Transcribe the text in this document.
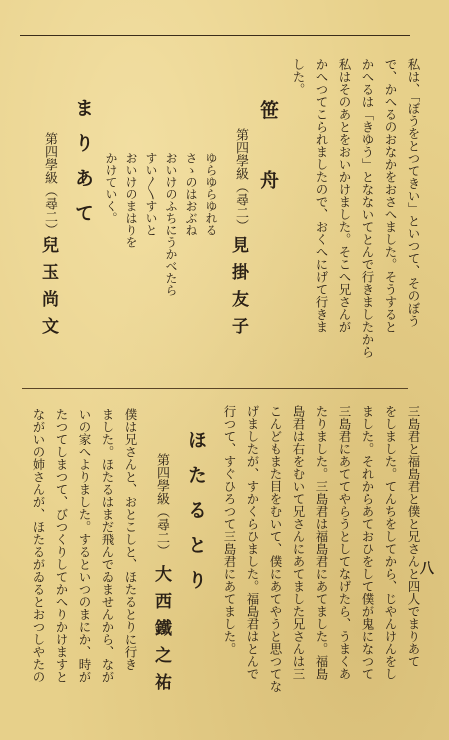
私は、「ぼうをとつてきい」といつて、そのぼう
で、かへるのおなかをおさへました。そうすると
かへるは「きゆう」となないてとんで行きましたから
私はそのあとをおいかけました。そこへ兄さんが
かへつてこられましたので、おくへにげて行きま
した。
笹　舟
第四學級（尋二）
見掛友子
ゆらゆらゆれる
さゝのはおぶね
おいけのふちにうかべたら
すい〳〵すいと
おいけのまはりを
かけていく。
まりあて
第四學級（尋二）
兒玉尚文
三島君と福島君と僕と兄さんと四人でまりあて
をしました。てんちをしてから、じやんけんをし
ました。それからあておひをして僕が鬼になつて
三島君にあててやらうとしてなげたら、うまくあ
たりました。三島君は福島君にあてました。福島
島君は右をむいて兄さんにあてました兄さんは三
こんどもまた目をむいて、僕にあてやうと思つてな
げましたが、すかくらひました。福島君はとんで
行つて、すぐひろつて三島君にあてました。
ほたるとり
第四學級（尋二）
大西鐵之祐
僕は兄さんと、おとこしと、ほたるとりに行き
ました。ほたるはまだ飛んでゐませんから、なが
いの家へよりました。するといつのまにか、時が
たつてしまつて、びつくりしてかへりかけますと
ながいの姉さんが、ほたるがゐるとおつしやたの	八
